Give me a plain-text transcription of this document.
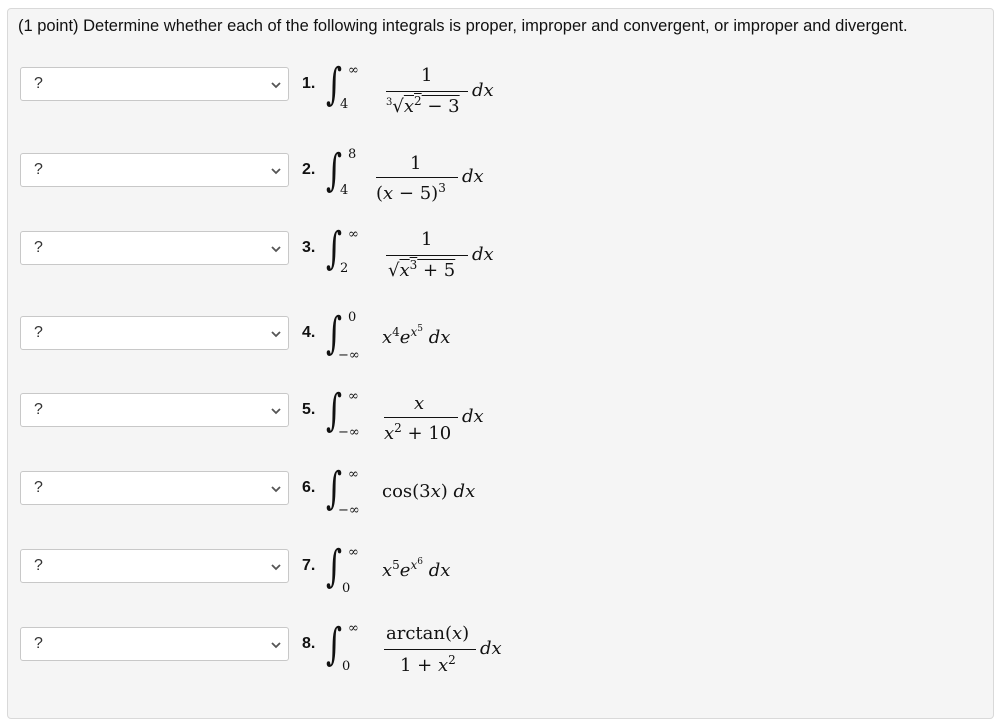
(1 point) Determine whether each of the following integrals is proper, improper and convergent, or improper and divergent.
?	1. ∫ ∞
4
1
$^3√x^2 - 3$
dx
?	2. ∫ 8
4
1
$(x - 5)^3$
dx
?	3. ∫ ∞
2
1
$√x^3 + 5$
dx
?	4. ∫ 0
−∞
$x^4e^{x^5}$ dx
?	5. ∫ ∞
−∞
x
$x^2 + 10$
dx
?	6. ∫ ∞
−∞
cos(3x) dx
?	7. ∫ ∞
0
$x^5e^{x^6}$ dx
?	8. ∫ ∞
0
arctan(x)
$1 + x^2$
dx
